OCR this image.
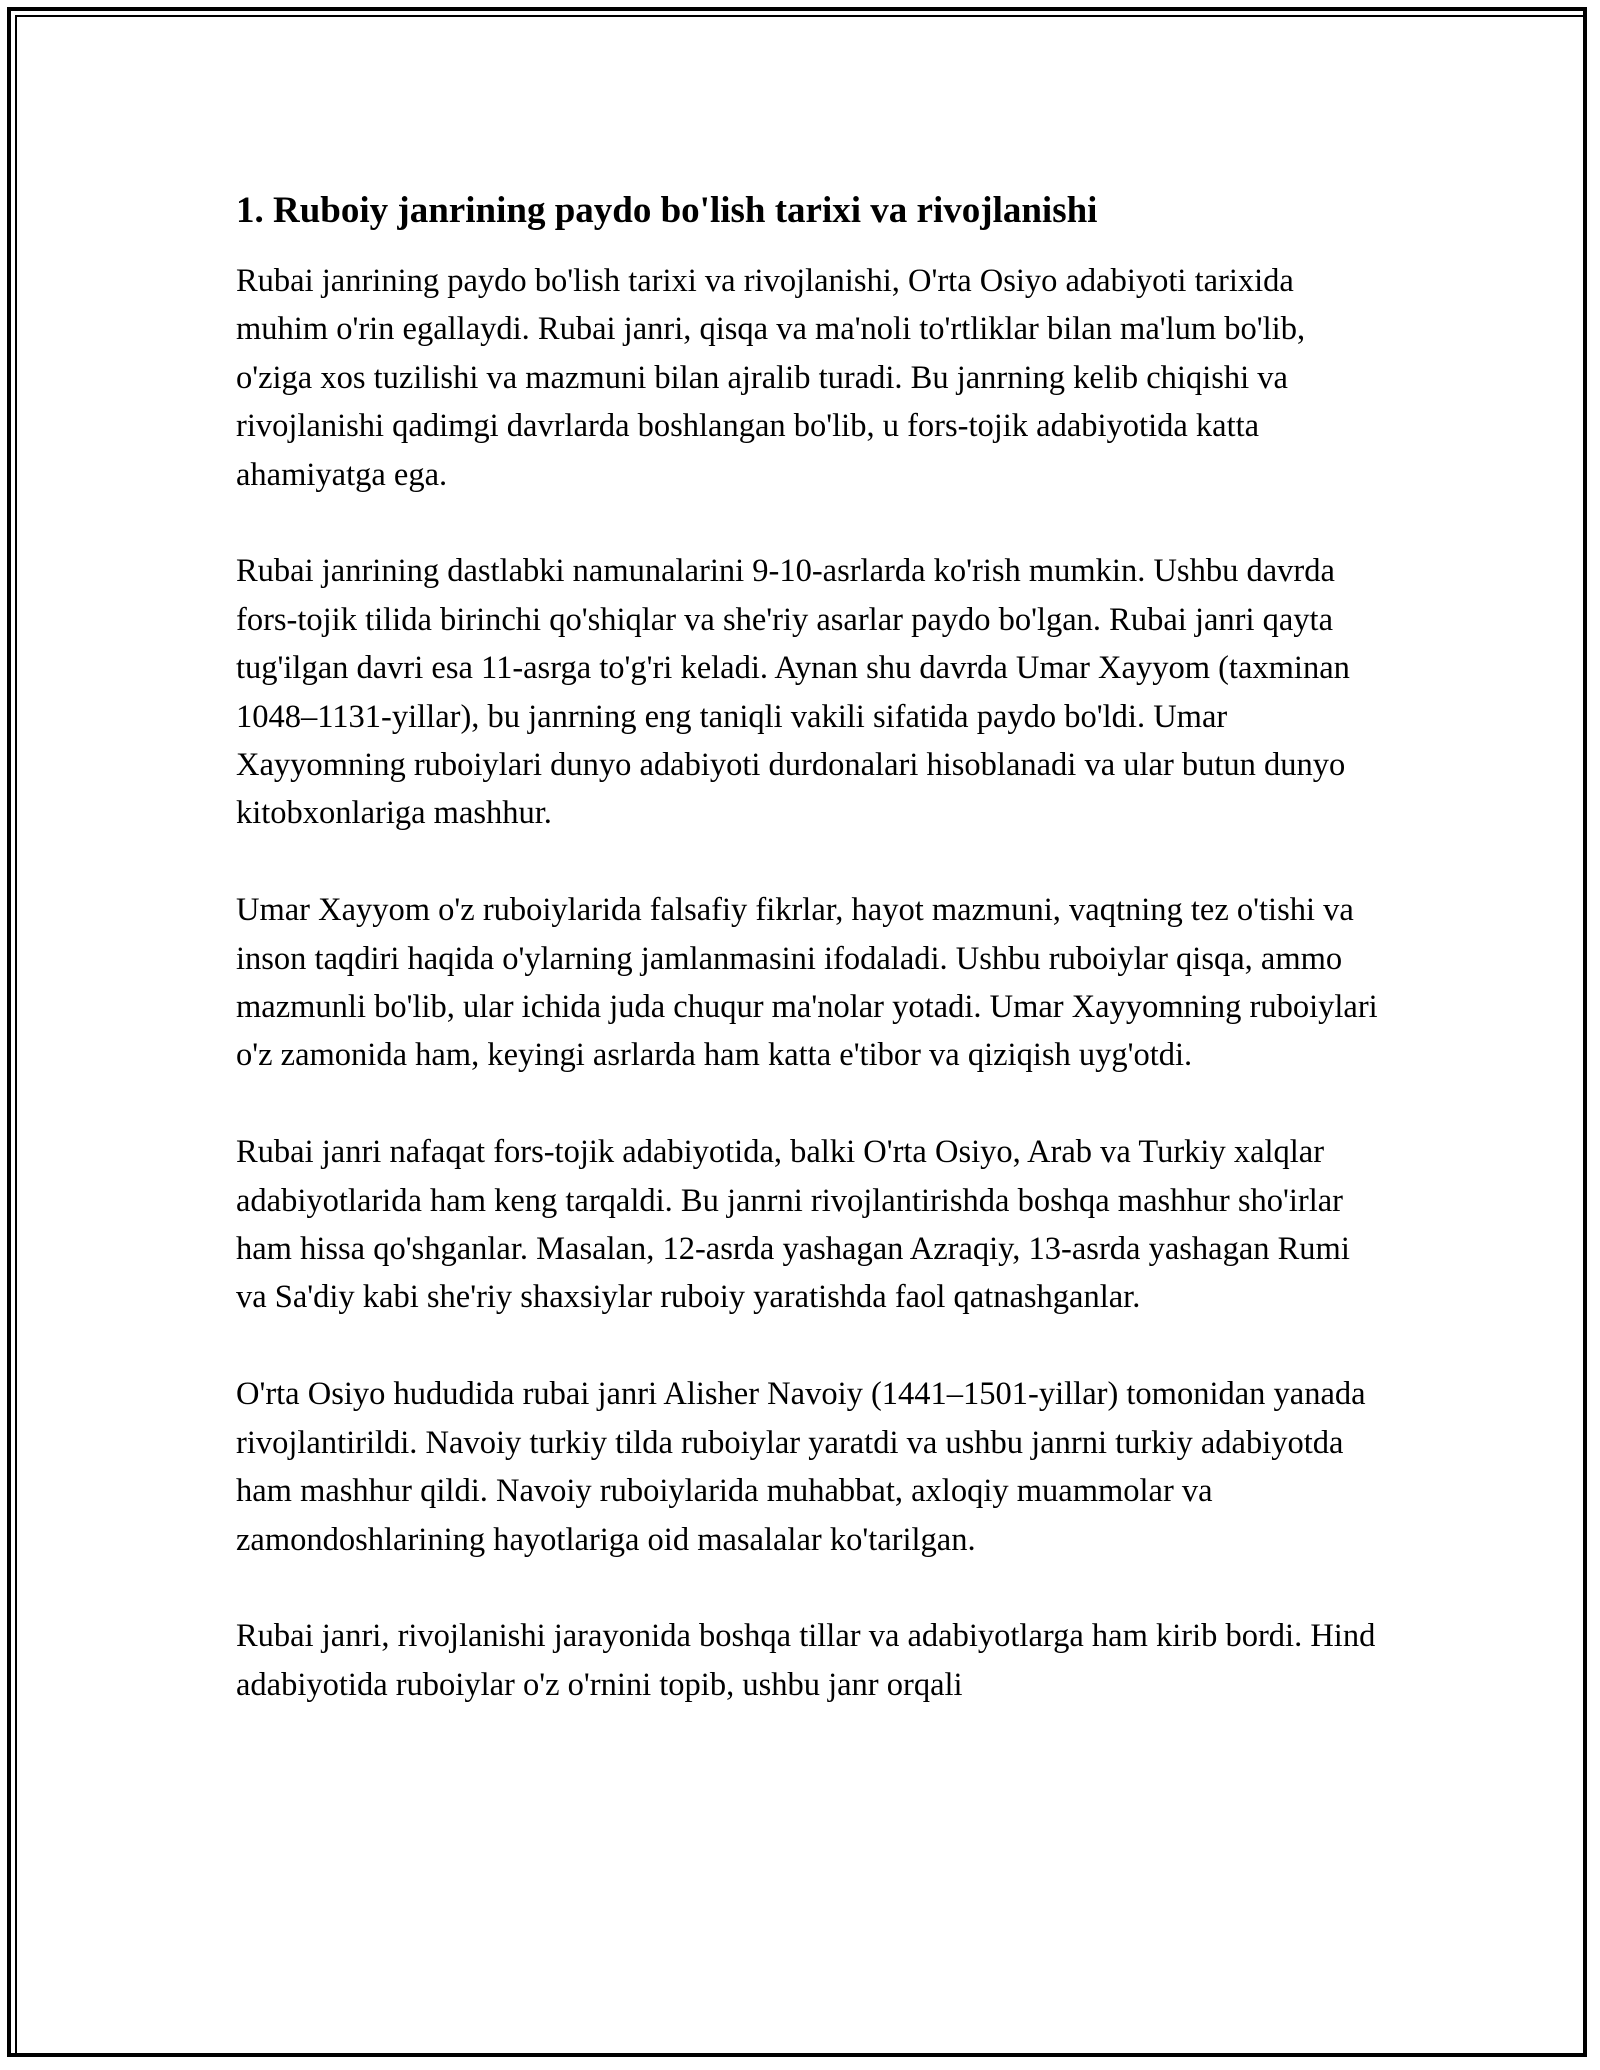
1. Ruboiy janrining paydo bo'lish tarixi va rivojlanishi

Rubai janrining paydo bo'lish tarixi va rivojlanishi, O'rta Osiyo adabiyoti tarixida muhim o'rin egallaydi. Rubai janri, qisqa va ma'noli to'rtliklar bilan ma'lum bo'lib, o'ziga xos tuzilishi va mazmuni bilan ajralib turadi. Bu janrning kelib chiqishi va rivojlanishi qadimgi davrlarda boshlangan bo'lib, u fors-tojik adabiyotida katta ahamiyatga ega.

Rubai janrining dastlabki namunalarini 9-10-asrlarda ko'rish mumkin. Ushbu davrda fors-tojik tilida birinchi qo'shiqlar va she'riy asarlar paydo bo'lgan. Rubai janri qayta tug'ilgan davri esa 11-asrga to'g'ri keladi. Aynan shu davrda Umar Xayyom (taxminan 1048–1131-yillar), bu janrning eng taniqli vakili sifatida paydo bo'ldi. Umar Xayyomning ruboiylari dunyo adabiyoti durdonalari hisoblanadi va ular butun dunyo kitobxonlariga mashhur.

Umar Xayyom o'z ruboiylarida falsafiy fikrlar, hayot mazmuni, vaqtning tez o'tishi va inson taqdiri haqida o'ylarning jamlanmasini ifodaladi. Ushbu ruboiylar qisqa, ammo mazmunli bo'lib, ular ichida juda chuqur ma'nolar yotadi. Umar Xayyomning ruboiylari o'z zamonida ham, keyingi asrlarda ham katta e'tibor va qiziqish uyg'otdi.

Rubai janri nafaqat fors-tojik adabiyotida, balki O'rta Osiyo, Arab va Turkiy xalqlar adabiyotlarida ham keng tarqaldi. Bu janrni rivojlantirishda boshqa mashhur sho'irlar ham hissa qo'shganlar. Masalan, 12-asrda yashagan Azraqiy, 13-asrda yashagan Rumi va Sa'diy kabi she'riy shaxsiylar ruboiy yaratishda faol qatnashganlar.

O'rta Osiyo hududida rubai janri Alisher Navoiy (1441–1501-yillar) tomonidan yanada rivojlantirildi. Navoiy turkiy tilda ruboiylar yaratdi va ushbu janrni turkiy adabiyotda ham mashhur qildi. Navoiy ruboiylarida muhabbat, axloqiy muammolar va zamondoshlarining hayotlariga oid masalalar ko'tarilgan.

Rubai janri, rivojlanishi jarayonida boshqa tillar va adabiyotlarga ham kirib bordi. Hind adabiyotida ruboiylar o'z o'rnini topib, ushbu janr orqali
